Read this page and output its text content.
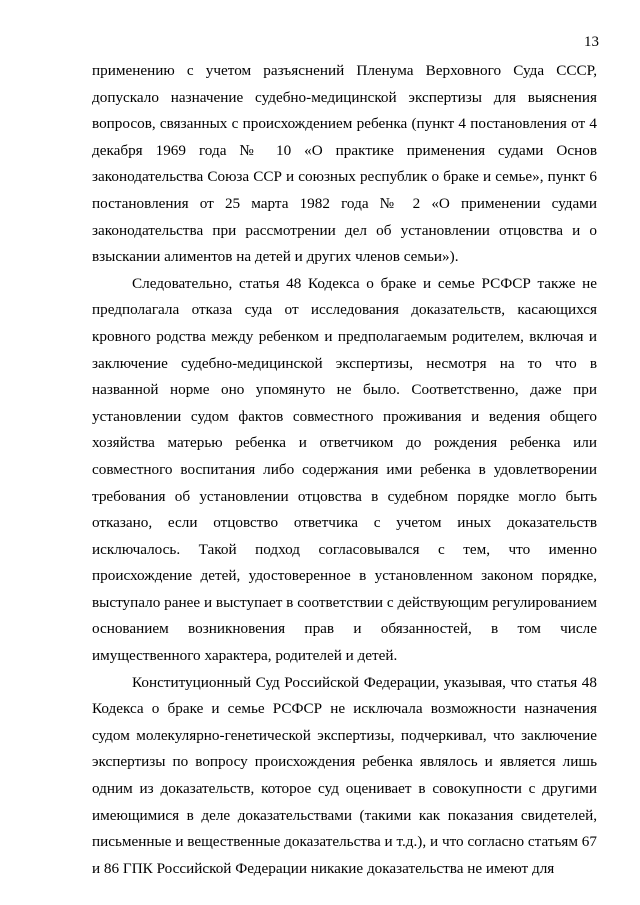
13

применению с учетом разъяснений Пленума Верховного Суда СССР, допускало назначение судебно-медицинской экспертизы для выяснения вопросов, связанных с происхождением ребенка (пункт 4 постановления от 4 декабря 1969 года № 10 «О практике применения судами Основ законодательства Союза ССР и союзных республик о браке и семье», пункт 6 постановления от 25 марта 1982 года № 2 «О применении судами законодательства при рассмотрении дел об установлении отцовства и о взыскании алиментов на детей и других членов семьи»).

Следовательно, статья 48 Кодекса о браке и семье РСФСР также не предполагала отказа суда от исследования доказательств, касающихся кровного родства между ребенком и предполагаемым родителем, включая и заключение судебно-медицинской экспертизы, несмотря на то что в названной норме оно упомянуто не было. Соответственно, даже при установлении судом фактов совместного проживания и ведения общего хозяйства матерью ребенка и ответчиком до рождения ребенка или совместного воспитания либо содержания ими ребенка в удовлетворении требования об установлении отцовства в судебном порядке могло быть отказано, если отцовство ответчика с учетом иных доказательств исключалось. Такой подход согласовывался с тем, что именно происхождение детей, удостоверенное в установленном законом порядке, выступало ранее и выступает в соответствии с действующим регулированием основанием возникновения прав и обязанностей, в том числе имущественного характера, родителей и детей.

Конституционный Суд Российской Федерации, указывая, что статья 48 Кодекса о браке и семье РСФСР не исключала возможности назначения судом молекулярно-генетической экспертизы, подчеркивал, что заключение экспертизы по вопросу происхождения ребенка являлось и является лишь одним из доказательств, которое суд оценивает в совокупности с другими имеющимися в деле доказательствами (такими как показания свидетелей, письменные и вещественные доказательства и т.д.), и что согласно статьям 67 и 86 ГПК Российской Федерации никакие доказательства не имеют для
